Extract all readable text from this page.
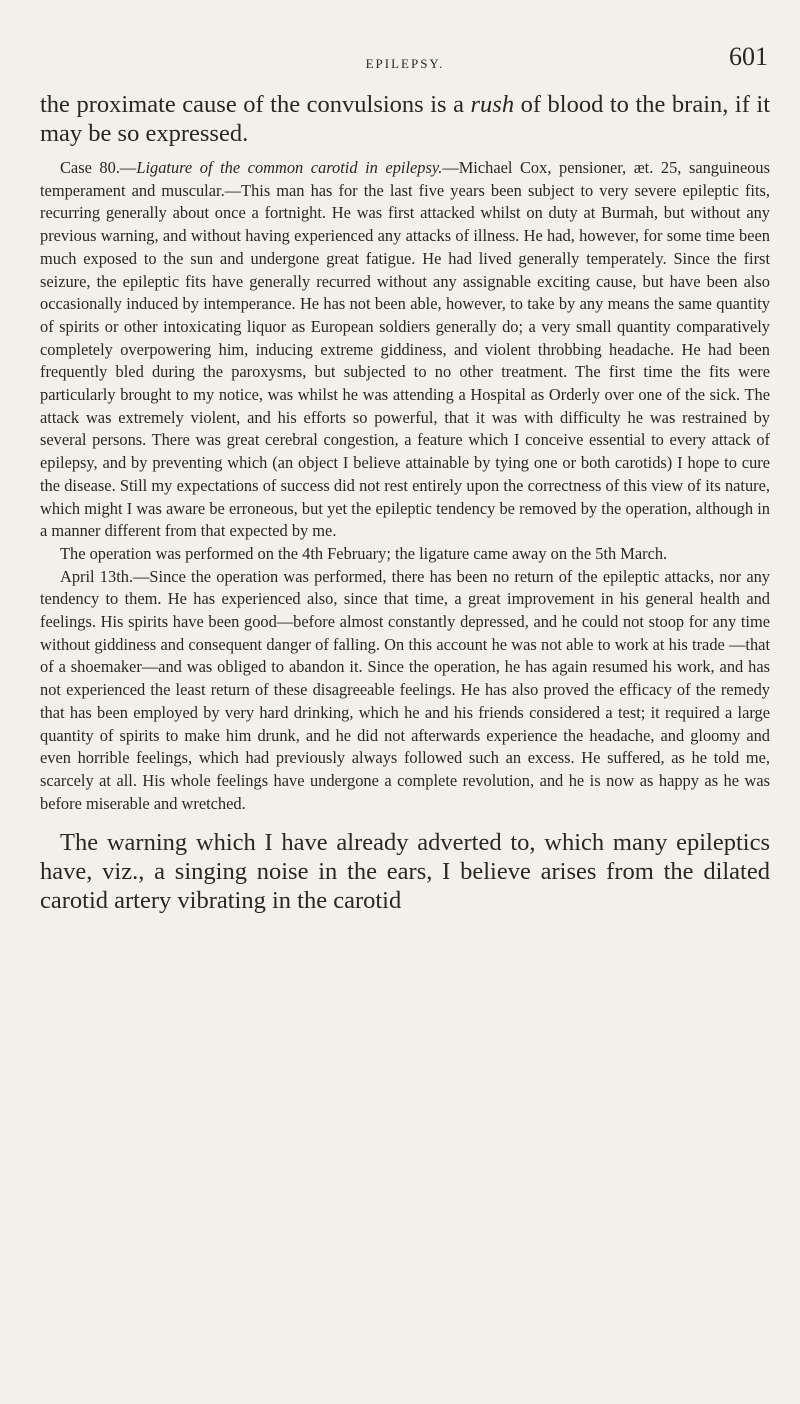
EPILEPSY.	601

the proximate cause of the convulsions is a rush of blood to the brain, if it may be so expressed.

Case 80.—Ligature of the common carotid in epilepsy.—Michael Cox, pensioner, æt. 25, sanguineous temperament and muscular.—This man has for the last five years been subject to very severe epileptic fits, recurring generally about once a fortnight. He was first attacked whilst on duty at Burmah, but without any previous warning, and without having experienced any attacks of illness. He had, however, for some time been much exposed to the sun and undergone great fatigue. He had lived generally temperately. Since the first seizure, the epileptic fits have generally recurred without any assignable exciting cause, but have been also occasionally induced by intemperance. He has not been able, however, to take by any means the same quantity of spirits or other intoxicating liquor as European soldiers generally do; a very small quantity comparatively completely overpowering him, inducing extreme giddiness, and violent throbbing headache. He had been frequently bled during the paroxysms, but subjected to no other treatment. The first time the fits were particularly brought to my notice, was whilst he was attending a Hospital as Orderly over one of the sick. The attack was extremely violent, and his efforts so powerful, that it was with difficulty he was restrained by several persons. There was great cerebral congestion, a feature which I conceive essential to every attack of epilepsy, and by preventing which (an object I believe attainable by tying one or both carotids) I hope to cure the disease. Still my expectations of success did not rest entirely upon the correctness of this view of its nature, which might I was aware be erroneous, but yet the epileptic tendency be removed by the operation, although in a manner different from that expected by me.

The operation was performed on the 4th February; the ligature came away on the 5th March.

April 13th.—Since the operation was performed, there has been no return of the epileptic attacks, nor any tendency to them. He has experienced also, since that time, a great improvement in his general health and feelings. His spirits have been good—before almost constantly depressed, and he could not stoop for any time without giddiness and consequent danger of falling. On this account he was not able to work at his trade —that of a shoemaker—and was obliged to abandon it. Since the operation, he has again resumed his work, and has not experienced the least return of these disagreeable feelings. He has also proved the efficacy of the remedy that has been employed by very hard drinking, which he and his friends considered a test; it required a large quantity of spirits to make him drunk, and he did not afterwards experience the headache, and gloomy and even horrible feelings, which had previously always followed such an excess. He suffered, as he told me, scarcely at all. His whole feelings have undergone a complete revolution, and he is now as happy as he was before miserable and wretched.

The warning which I have already adverted to, which many epileptics have, viz., a singing noise in the ears, I believe arises from the dilated carotid artery vibrating in the carotid
